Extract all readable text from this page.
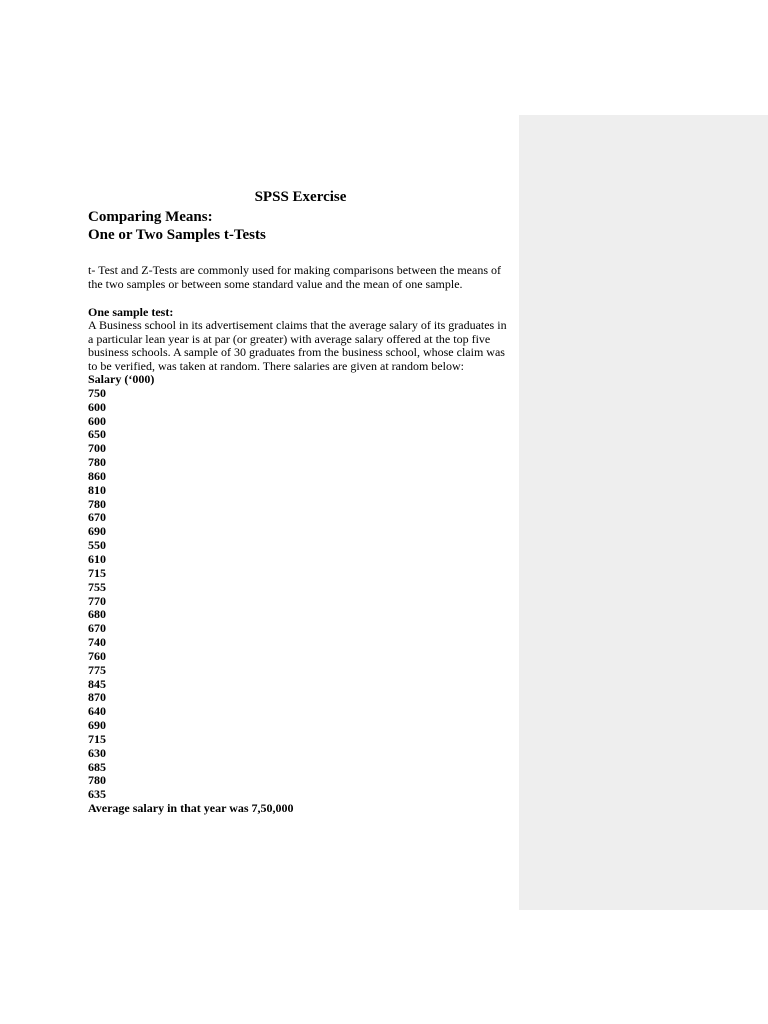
SPSS Exercise
Comparing Means:
One or Two Samples t-Tests

t- Test and Z-Tests are commonly used for making comparisons between the means of the two samples or between some standard value and the mean of one sample.

One sample test:

A Business school in its advertisement claims that the average salary of its graduates in a particular lean year is at par (or greater) with average salary offered at the top five business schools. A sample of 30 graduates from the business school, whose claim was to be verified, was taken at random. There salaries are given at random below:

Salary (‘000)
750
600
600
650
700
780
860
810
780
670
690
550
610
715
755
770
680
670
740
760
775
845
870
640
690
715
630
685
780
635
Average salary in that year was 7,50,000
